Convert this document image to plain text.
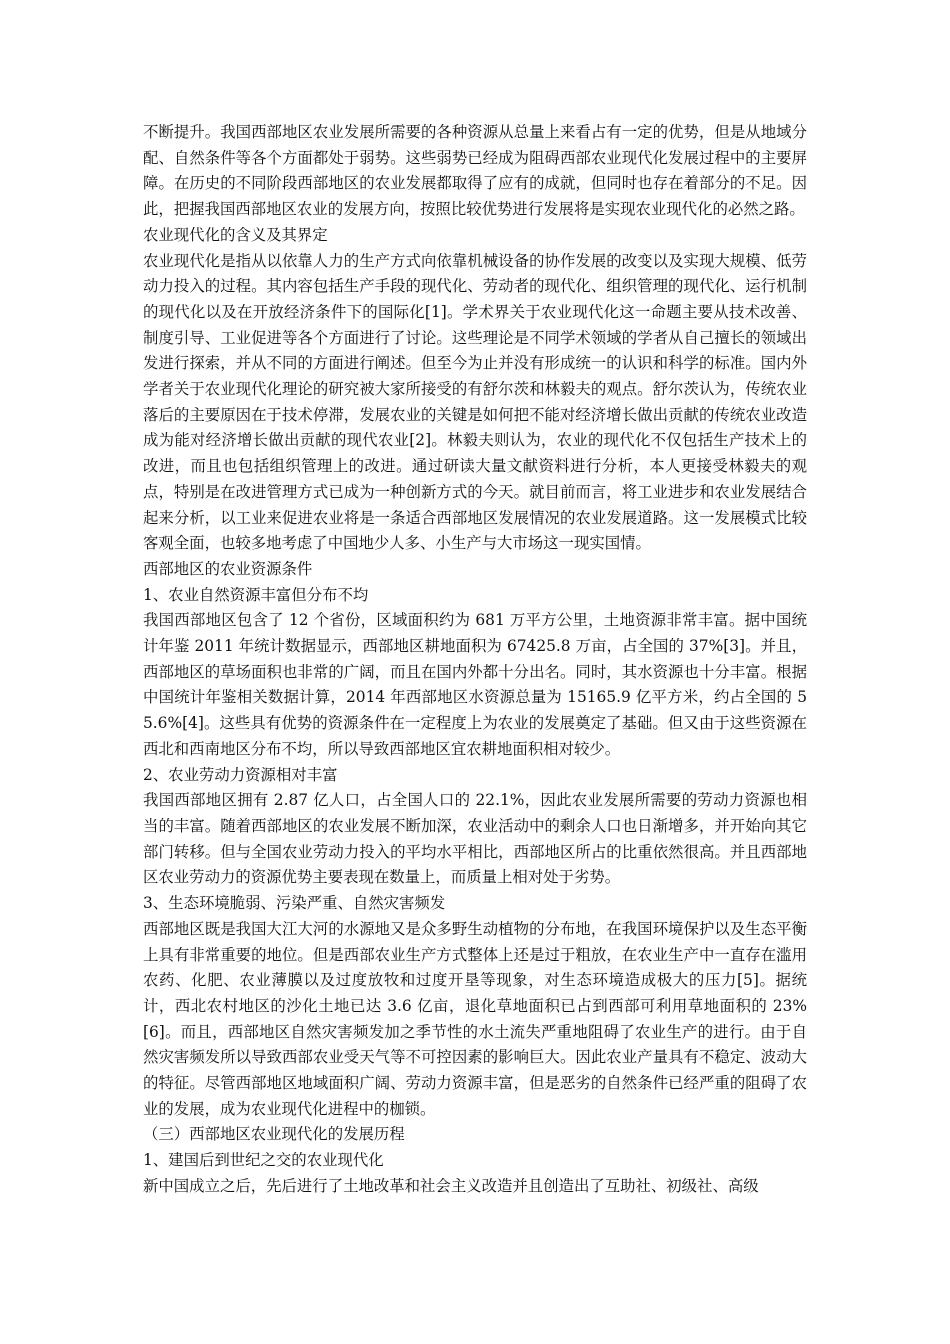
不断提升。我国西部地区农业发展所需要的各种资源从总量上来看占有一定的优势，但是从地域分配、自然条件等各个方面都处于弱势。这些弱势已经成为阻碍西部农业现代化发展过程中的主要屏障。在历史的不同阶段西部地区的农业发展都取得了应有的成就，但同时也存在着部分的不足。因此，把握我国西部地区农业的发展方向，按照比较优势进行发展将是实现农业现代化的必然之路。

农业现代化的含义及其界定

农业现代化是指从以依靠人力的生产方式向依靠机械设备的协作发展的改变以及实现大规模、低劳动力投入的过程。其内容包括生产手段的现代化、劳动者的现代化、组织管理的现代化、运行机制的现代化以及在开放经济条件下的国际化[1]。学术界关于农业现代化这一命题主要从技术改善、制度引导、工业促进等各个方面进行了讨论。这些理论是不同学术领域的学者从自己擅长的领域出发进行探索，并从不同的方面进行阐述。但至今为止并没有形成统一的认识和科学的标准。国内外学者关于农业现代化理论的研究被大家所接受的有舒尔茨和林毅夫的观点。舒尔茨认为，传统农业落后的主要原因在于技术停滞，发展农业的关键是如何把不能对经济增长做出贡献的传统农业改造成为能对经济增长做出贡献的现代农业[2]。林毅夫则认为，农业的现代化不仅包括生产技术上的改进，而且也包括组织管理上的改进。通过研读大量文献资料进行分析，本人更接受林毅夫的观点，特别是在改进管理方式已成为一种创新方式的今天。就目前而言，将工业进步和农业发展结合起来分析，以工业来促进农业将是一条适合西部地区发展情况的农业发展道路。这一发展模式比较客观全面，也较多地考虑了中国地少人多、小生产与大市场这一现实国情。

西部地区的农业资源条件

1、农业自然资源丰富但分布不均

我国西部地区包含了 12 个省份，区域面积约为 681 万平方公里，土地资源非常丰富。据中国统计年鉴 2011 年统计数据显示，西部地区耕地面积为 67425.8 万亩，占全国的 37%[3]。并且，西部地区的草场面积也非常的广阔，而且在国内外都十分出名。同时，其水资源也十分丰富。根据中国统计年鉴相关数据计算，2014 年西部地区水资源总量为 15165.9 亿平方米，约占全国的 55.6%[4]。这些具有优势的资源条件在一定程度上为农业的发展奠定了基础。但又由于这些资源在西北和西南地区分布不均，所以导致西部地区宜农耕地面积相对较少。

2、农业劳动力资源相对丰富

我国西部地区拥有 2.87 亿人口，占全国人口的 22.1%，因此农业发展所需要的劳动力资源也相当的丰富。随着西部地区的农业发展不断加深，农业活动中的剩余人口也日渐增多，并开始向其它部门转移。但与全国农业劳动力投入的平均水平相比，西部地区所占的比重依然很高。并且西部地区农业劳动力的资源优势主要表现在数量上，而质量上相对处于劣势。

3、生态环境脆弱、污染严重、自然灾害频发

西部地区既是我国大江大河的水源地又是众多野生动植物的分布地，在我国环境保护以及生态平衡上具有非常重要的地位。但是西部农业生产方式整体上还是过于粗放，在农业生产中一直存在滥用农药、化肥、农业薄膜以及过度放牧和过度开垦等现象，对生态环境造成极大的压力[5]。据统计，西北农村地区的沙化土地已达 3.6 亿亩，退化草地面积已占到西部可利用草地面积的 23%[6]。而且，西部地区自然灾害频发加之季节性的水土流失严重地阻碍了农业生产的进行。由于自然灾害频发所以导致西部农业受天气等不可控因素的影响巨大。因此农业产量具有不稳定、波动大的特征。尽管西部地区地域面积广阔、劳动力资源丰富，但是恶劣的自然条件已经严重的阻碍了农业的发展，成为农业现代化进程中的枷锁。

（三）西部地区农业现代化的发展历程

1、建国后到世纪之交的农业现代化

新中国成立之后，先后进行了土地改革和社会主义改造并且创造出了互助社、初级社、高级
